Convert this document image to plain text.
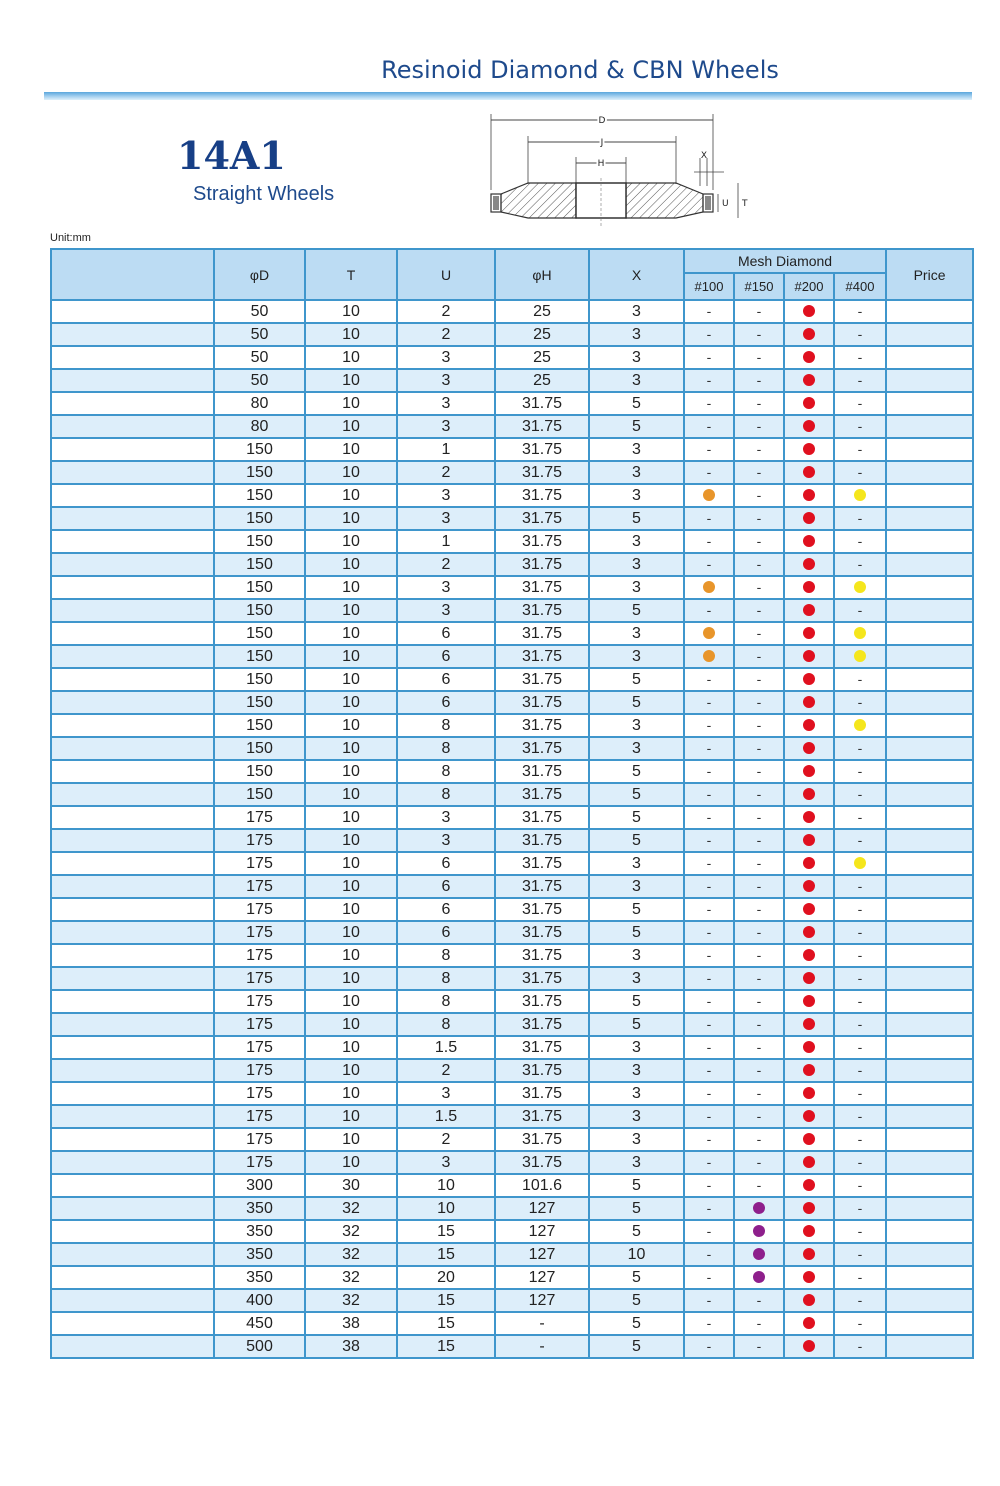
Resinoid Diamond & CBN Wheels
14A1
Straight Wheels
D
J
H
X
U T
Unit:mm
	φD	T	U	φH	X	Mesh Diamond				Price
						#100	#150	#200	#400	
	50	10	2	25	3	-	-		-	
	50	10	2	25	3	-	-		-	
	50	10	3	25	3	-	-		-	
	50	10	3	25	3	-	-		-	
	80	10	3	31.75	5	-	-		-	
	80	10	3	31.75	5	-	-		-	
	150	10	1	31.75	3	-	-		-	
	150	10	2	31.75	3	-	-		-	
	150	10	3	31.75	3		-			
	150	10	3	31.75	5	-	-		-	
	150	10	1	31.75	3	-	-		-	
	150	10	2	31.75	3	-	-		-	
	150	10	3	31.75	3		-			
	150	10	3	31.75	5	-	-		-	
	150	10	6	31.75	3		-			
	150	10	6	31.75	3		-			
	150	10	6	31.75	5	-	-		-	
	150	10	6	31.75	5	-	-		-	
	150	10	8	31.75	3	-	-			
	150	10	8	31.75	3	-	-		-	
	150	10	8	31.75	5	-	-		-	
	150	10	8	31.75	5	-	-		-	
	175	10	3	31.75	5	-	-		-	
	175	10	3	31.75	5	-	-		-	
	175	10	6	31.75	3	-	-			
	175	10	6	31.75	3	-	-		-	
	175	10	6	31.75	5	-	-		-	
	175	10	6	31.75	5	-	-		-	
	175	10	8	31.75	3	-	-		-	
	175	10	8	31.75	3	-	-		-	
	175	10	8	31.75	5	-	-		-	
	175	10	8	31.75	5	-	-		-	
	175	10	1.5	31.75	3	-	-		-	
	175	10	2	31.75	3	-	-		-	
	175	10	3	31.75	3	-	-		-	
	175	10	1.5	31.75	3	-	-		-	
	175	10	2	31.75	3	-	-		-	
	175	10	3	31.75	3	-	-		-	
	300	30	10	101.6	5	-	-		-	
	350	32	10	127	5	-			-	
	350	32	15	127	5	-			-	
	350	32	15	127	10	-			-	
	350	32	20	127	5	-			-	
	400	32	15	127	5	-	-		-	
	450	38	15	-	5	-	-		-	
	500	38	15	-	5	-	-		-	
